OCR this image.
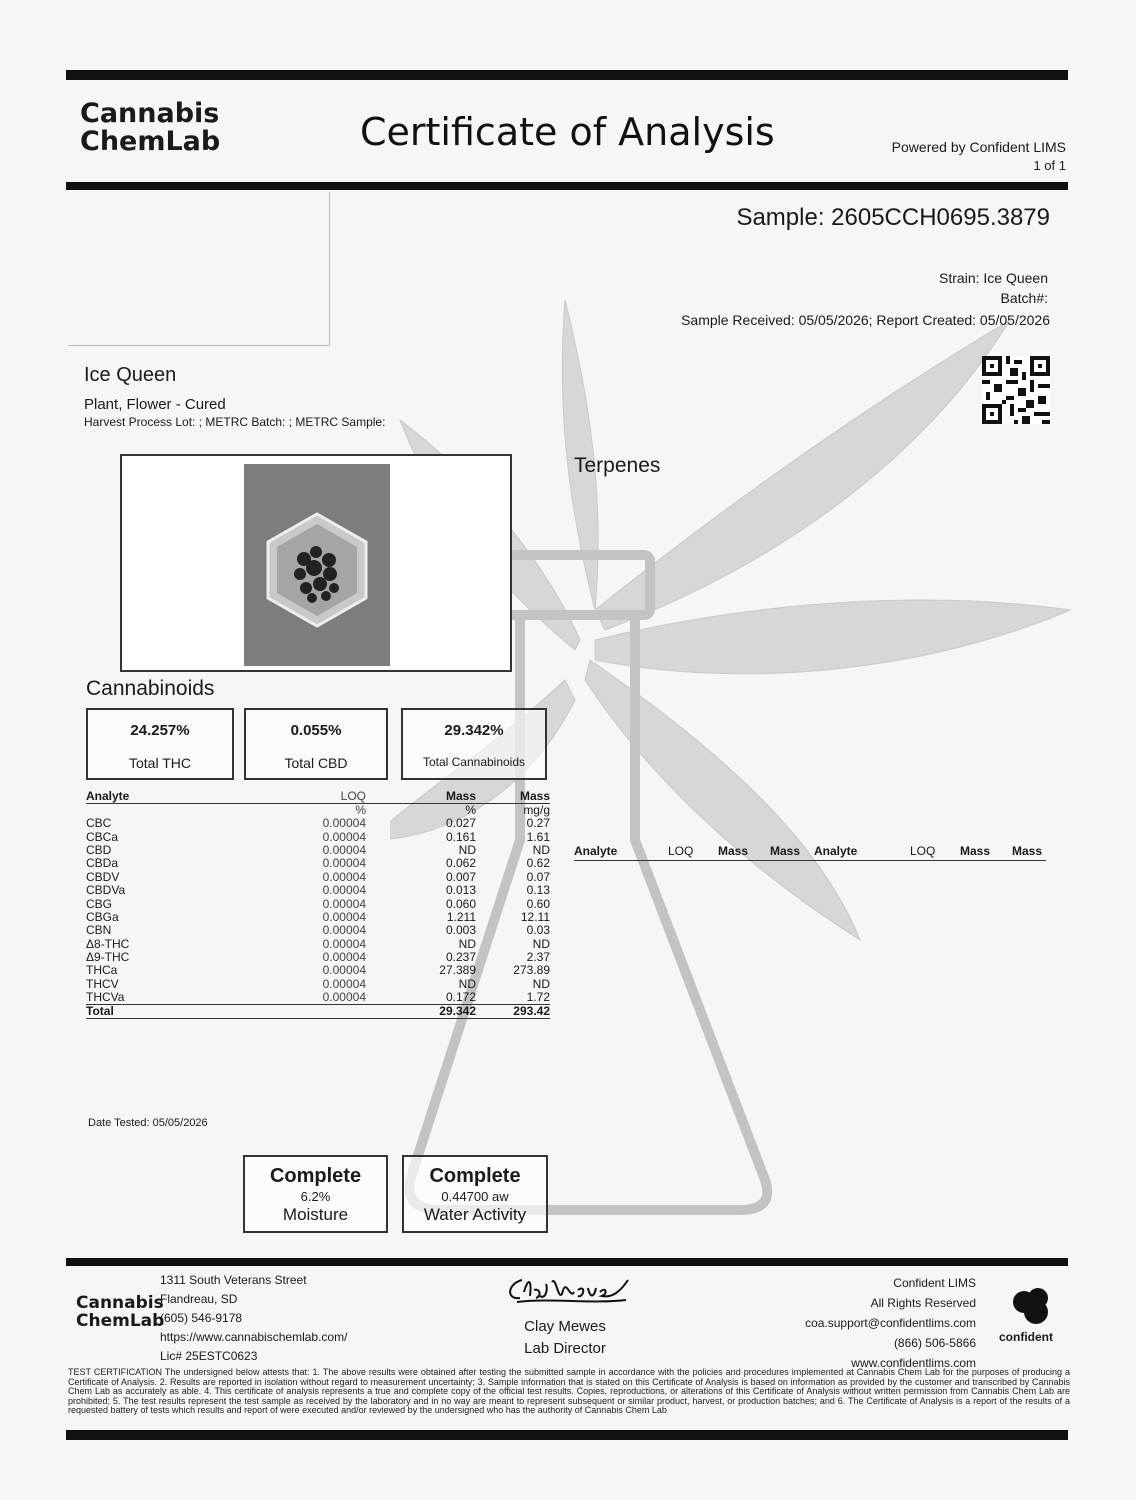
Cannabis
ChemLab	Certificate of Analysis	Powered by Confident LIMS
1 of 1
Sample: 2605CCH0695.3879
Strain: Ice Queen
Batch#:
Sample Received: 05/05/2026; Report Created: 05/05/2026
Ice Queen
Plant, Flower - Cured
Harvest Process Lot: ; METRC Batch: ; METRC Sample:
Terpenes
Analyte	LOQ	Mass	Mass	Analyte	LOQ	Mass	Mass
Cannabinoids
24.257%
Total THC
0.055%
Total CBD
29.342%
Total Cannabinoids
Analyte	LOQ	Mass	Mass
	%	%	mg/g
CBC	0.00004	0.027	0.27
CBCa	0.00004	0.161	1.61
CBD	0.00004	ND	ND
CBDa	0.00004	0.062	0.62
CBDV	0.00004	0.007	0.07
CBDVa	0.00004	0.013	0.13
CBG	0.00004	0.060	0.60
CBGa	0.00004	1.211	12.11
CBN	0.00004	0.003	0.03
Δ8-THC	0.00004	ND	ND
Δ9-THC	0.00004	0.237	2.37
THCa	0.00004	27.389	273.89
THCV	0.00004	ND	ND
THCVa	0.00004	0.172	1.72
Total		29.342	293.42
Date Tested: 05/05/2026
Complete
6.2%
Moisture
Complete
0.44700 aw
Water Activity
Cannabis
ChemLab
1311 South Veterans Street
Flandreau, SD
(605) 546-9178
https://www.cannabischemlab.com/
Lic# 25ESTC0623
Clay Mewes
Lab Director
Confident LIMS
All Rights Reserved
coa.support@confidentlims.com
(866) 506-5866
www.confidentlims.com
confident
TEST CERTIFICATION The undersigned below attests that: 1. The above results were obtained after testing the submitted sample in accordance with the policies and procedures implemented at Cannabis Chem Lab for the purposes of producing a Certificate of Analysis. 2. Results are reported in isolation without regard to measurement uncertainty; 3. Sample information that is stated on this Certificate of Analysis is based on information as provided by the customer and transcribed by Cannabis Chem Lab as accurately as able. 4. This certificate of analysis represents a true and complete copy of the official test results. Copies, reproductions, or alterations of this Certificate of Analysis without written permission from Cannabis Chem Lab are prohibited; 5. The test results represent the test sample as received by the laboratory and in no way are meant to represent subsequent or similar product, harvest, or production batches; and 6. The Certificate of Analysis is a report of the results of a requested battery of tests which results and report of were executed and/or reviewed by the undersigned who has the authority of Cannabis Chem Lab
